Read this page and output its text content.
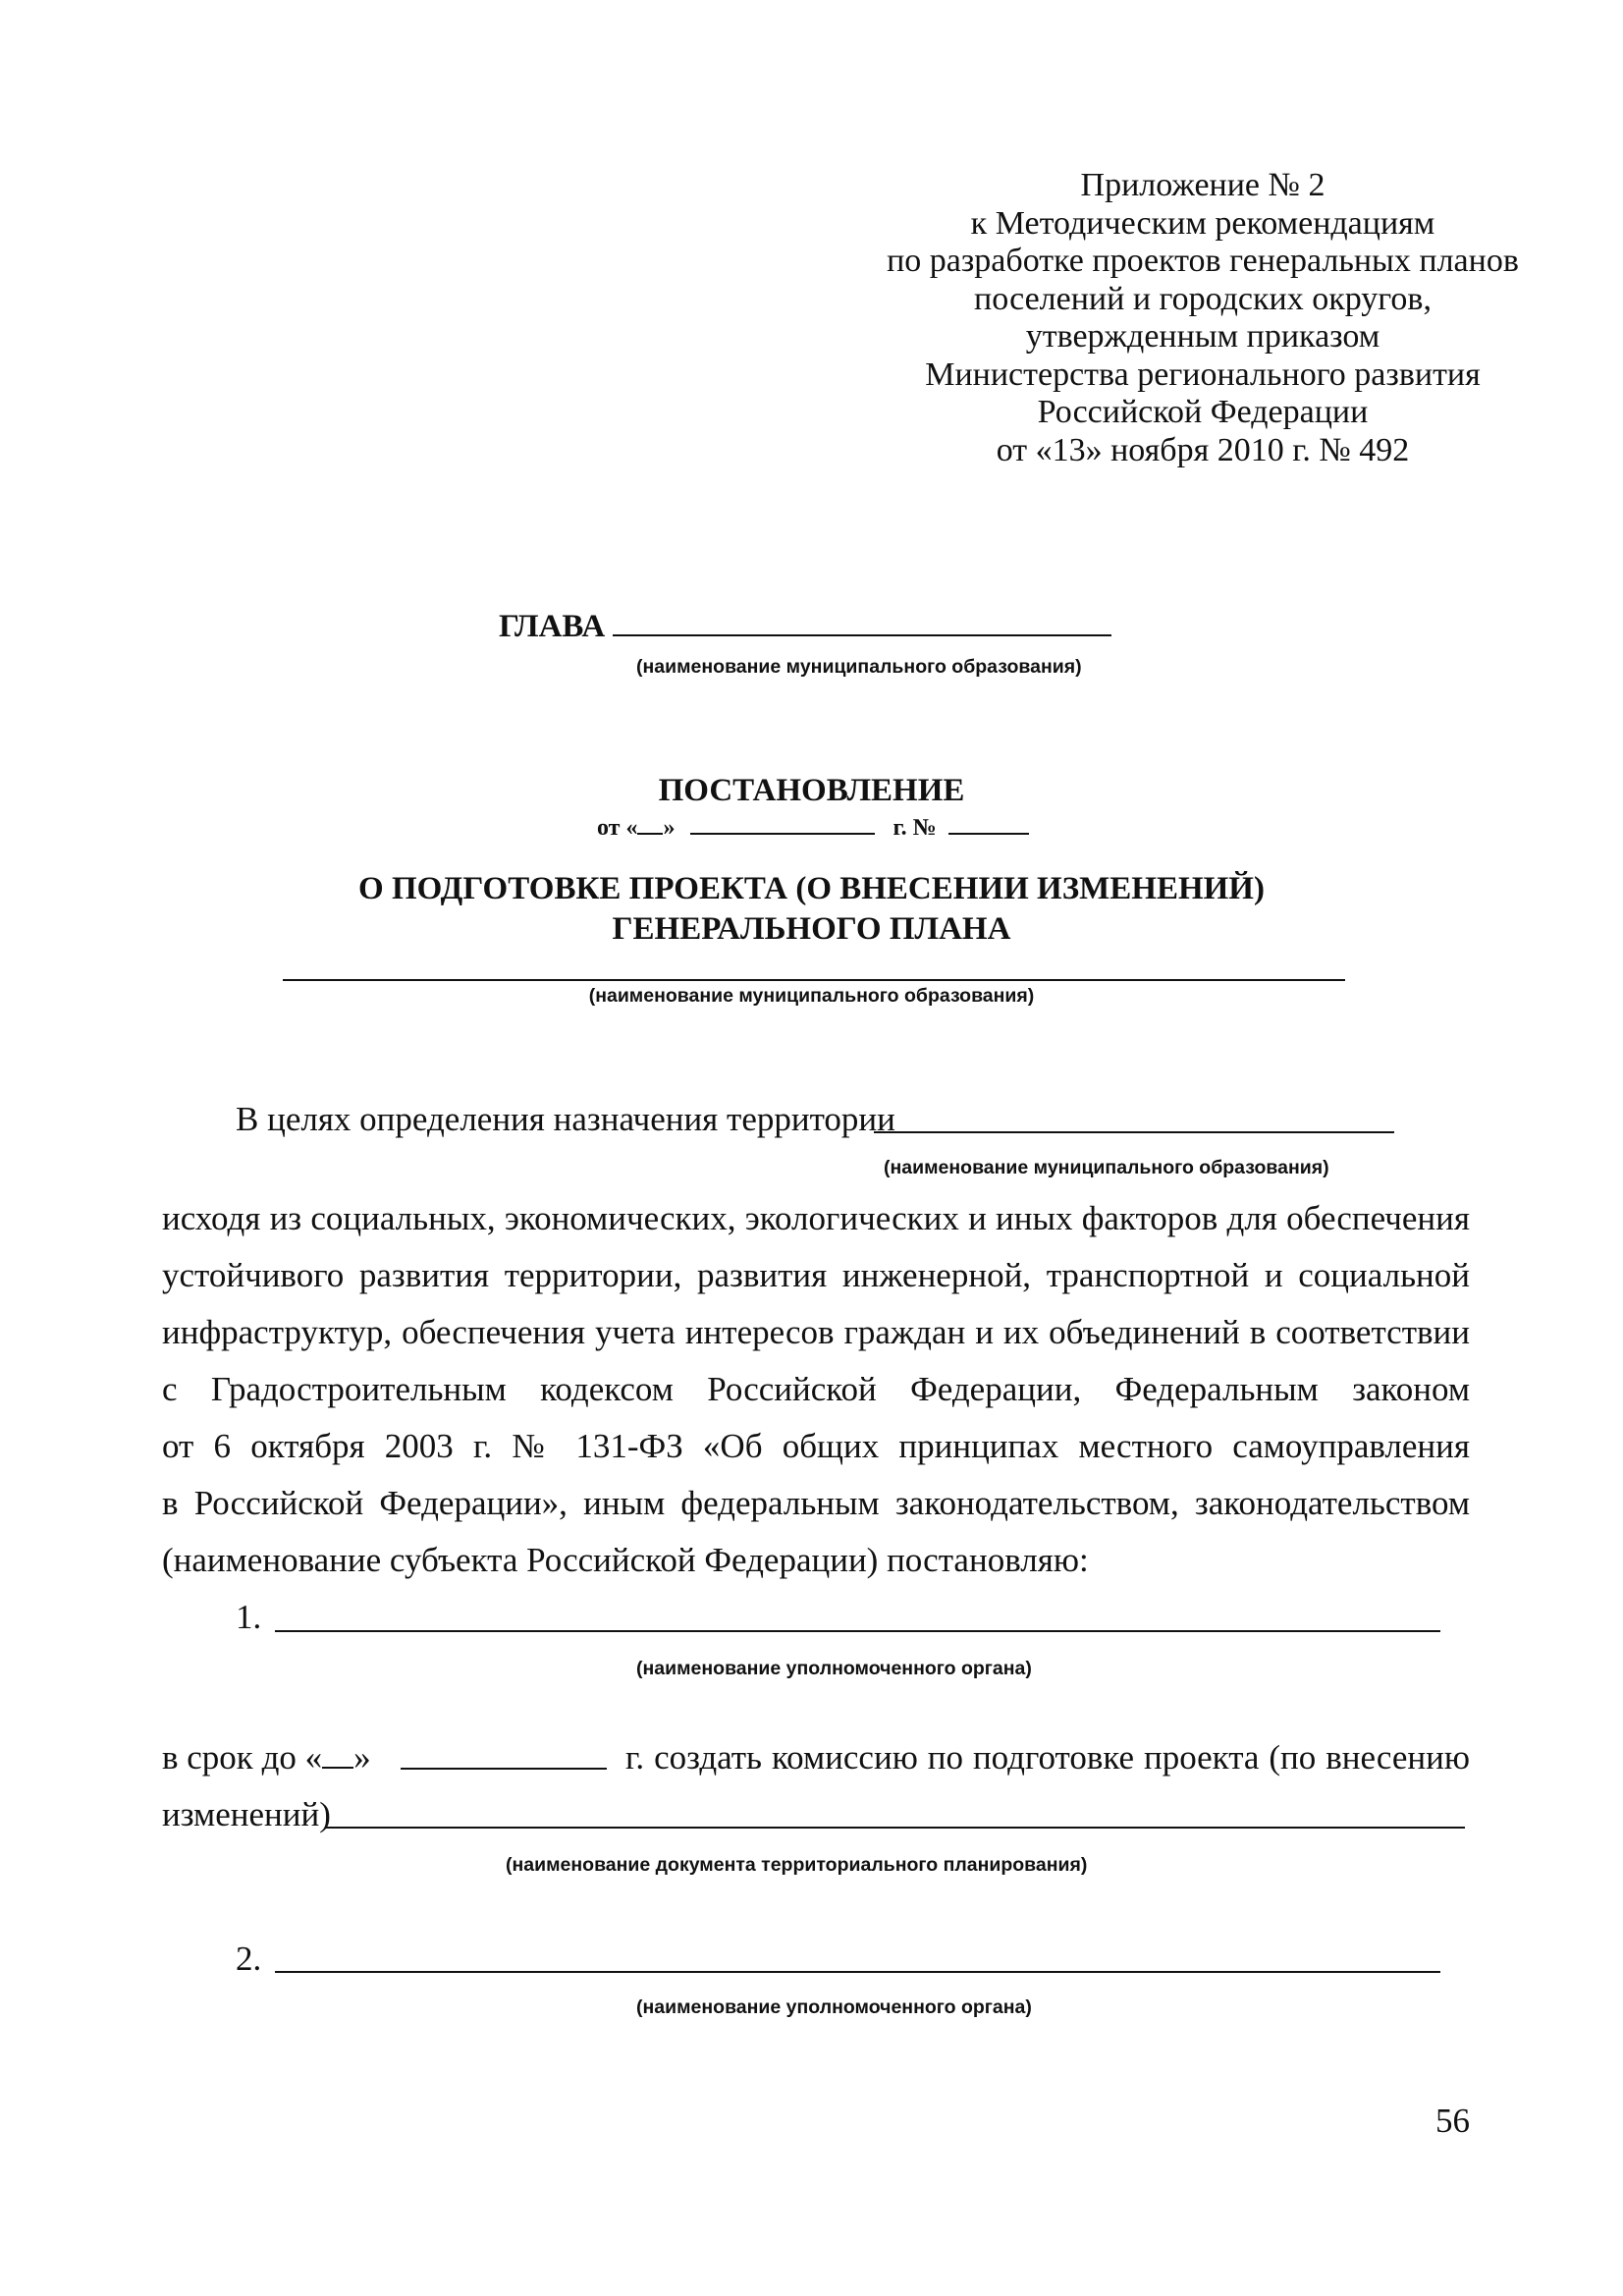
Приложение № 2
к Методическим рекомендациям
по разработке проектов генеральных планов
поселений и городских округов,
утвержденным приказом
Министерства регионального развития
Российской Федерации
от «13» ноября 2010 г. № 492
ГЛАВА
(наименование муниципального образования)
ПОСТАНОВЛЕНИЕ
от « »	г. №
О ПОДГОТОВКЕ ПРОЕКТА (О ВНЕСЕНИИ ИЗМЕНЕНИЙ)
ГЕНЕРАЛЬНОГО ПЛАНА
(наименование муниципального образования)
В целях определения назначения территории
(наименование муниципального образования)
исходя из социальных, экономических, экологических и иных факторов для обеспечения
устойчивого развития территории, развития инженерной, транспортной и социальной
инфраструктур, обеспечения учета интересов граждан и их объединений в соответствии
с Градостроительным кодексом Российской Федерации, Федеральным законом
от 6 октября 2003 г. № 131-ФЗ «Об общих принципах местного самоуправления
в Российской Федерации», иным федеральным законодательством, законодательством
(наименование субъекта Российской Федерации) постановляю:
1.
(наименование уполномоченного органа)
в срок до « »	г. создать комиссию по подготовке проекта (по внесению
изменений)
(наименование документа территориального планирования)
2.
(наименование уполномоченного органа)
56
